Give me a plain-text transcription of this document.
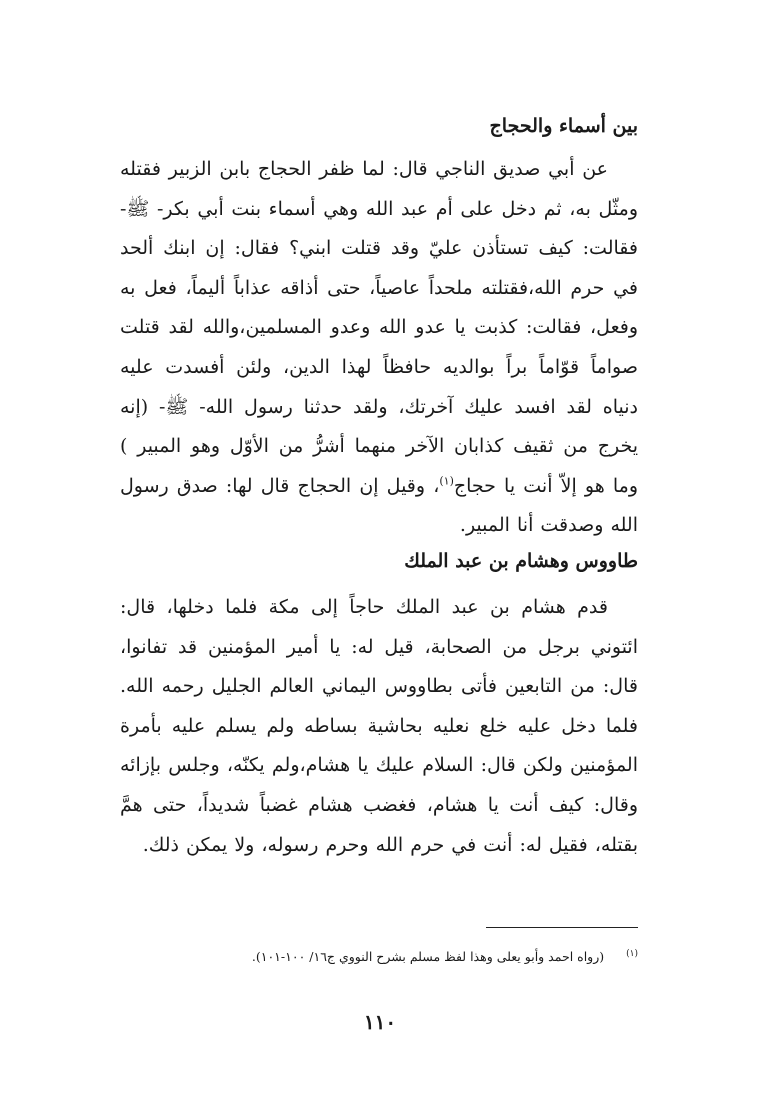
بين أسماء والحجاج

عن أبي صديق الناجي قال: لما ظفر الحجاج بابن الزبير فقتله ومثّل به، ثم دخل على أم عبد الله وهي أسماء بنت أبي بكر- ﷺ- فقالت: كيف تستأذن عليّ وقد قتلت ابني؟ فقال: إن ابنك ألحد في حرم الله،فقتلته ملحداً عاصياً، حتى أذاقه عذاباً أليماً، فعل به وفعل، فقالت: كذبت يا عدو الله وعدو المسلمين،والله لقد قتلت صواماً قوّاماً براً بوالديه حافظاً لهذا الدين، ولئن أفسدت عليه دنياه لقد افسد عليك آخرتك، ولقد حدثنا رسول الله- ﷺ- (إنه يخرج من ثقيف كذابان الآخر منهما أشرُّ من الأوّل وهو المبير ) وما هو إلاّ أنت يا حجاج$^{(١)}$، وقيل إن الحجاج قال لها: صدق رسول الله وصدقت أنا المبير.

طاووس وهشام بن عبد الملك

قدم هشام بن عبد الملك حاجاً إلى مكة فلما دخلها، قال: ائتوني برجل من الصحابة، قيل له: يا أمير المؤمنين قد تفانوا، قال: من التابعين فأتى بطاووس اليماني العالم الجليل رحمه الله. فلما دخل عليه خلع نعليه بحاشية بساطه ولم يسلم عليه بأمرة المؤمنين ولكن قال: السلام عليك يا هشام،ولم يكنّه، وجلس بإزائه وقال: كيف أنت يا هشام، فغضب هشام غضباً شديداً، حتى همَّ بقتله، فقيل له: أنت في حرم الله وحرم رسوله، ولا يمكن ذلك.

(١)(رواه احمد وأبو يعلى وهذا لفظ مسلم بشرح النووي ج١٦/ ١٠٠-١٠١).
١١٠
